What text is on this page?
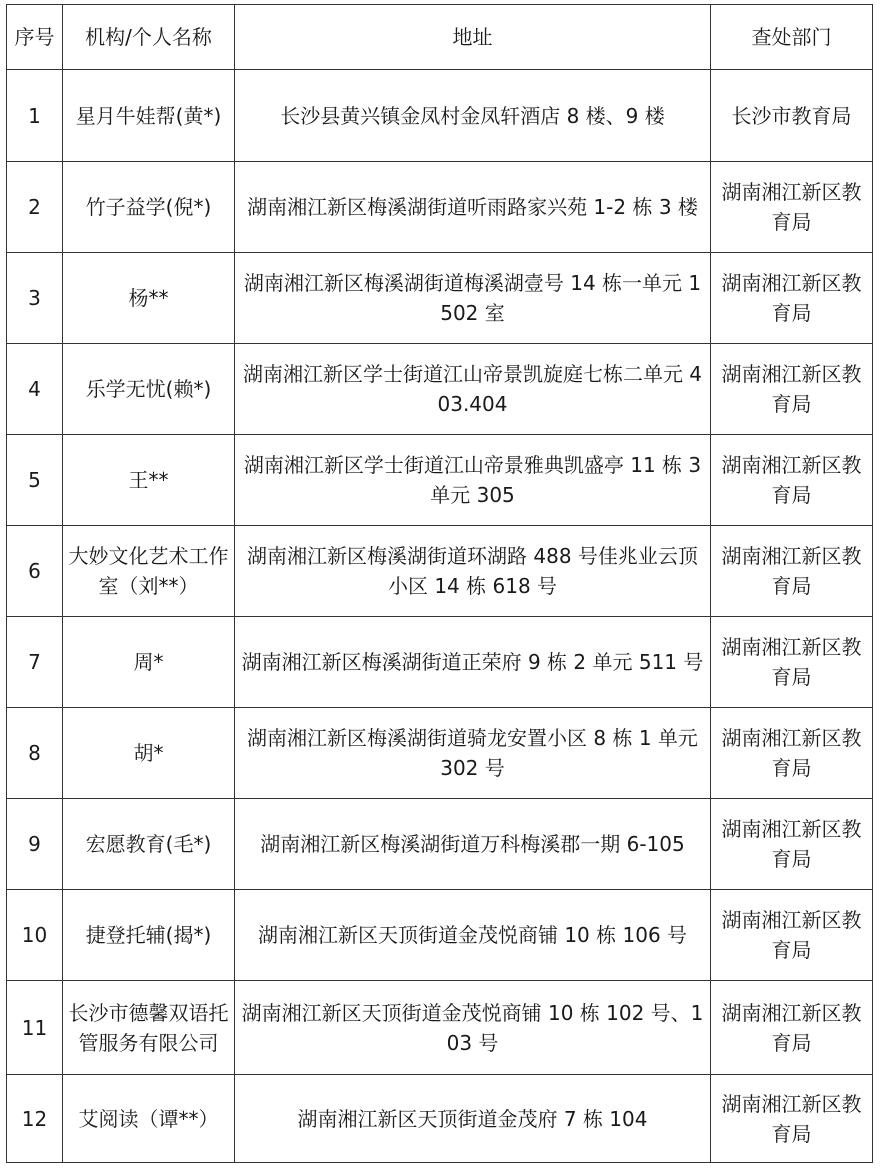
序号	机构/个人名称	地址	查处部门
1	星月牛娃帮(黄*)	长沙县黄兴镇金凤村金凤轩酒店 8 楼、9 楼	长沙市教育局
2	竹子益学(倪*)	湖南湘江新区梅溪湖街道听雨路家兴苑 1-2 栋 3 楼	湖南湘江新区教育局
3	杨**	湖南湘江新区梅溪湖街道梅溪湖壹号 14 栋一单元 1502 室	湖南湘江新区教育局
4	乐学无忧(赖*)	湖南湘江新区学士街道江山帝景凯旋庭七栋二单元 403.404	湖南湘江新区教育局
5	王**	湖南湘江新区学士街道江山帝景雅典凯盛亭 11 栋 3 单元 305	湖南湘江新区教育局
6	大妙文化艺术工作室（刘**）	湖南湘江新区梅溪湖街道环湖路 488 号佳兆业云顶小区 14 栋 618 号	湖南湘江新区教育局
7	周*	湖南湘江新区梅溪湖街道正荣府 9 栋 2 单元 511 号	湖南湘江新区教育局
8	胡*	湖南湘江新区梅溪湖街道骑龙安置小区 8 栋 1 单元 302 号	湖南湘江新区教育局
9	宏愿教育(毛*)	湖南湘江新区梅溪湖街道万科梅溪郡一期 6-105	湖南湘江新区教育局
10	捷登托辅(揭*)	湖南湘江新区天顶街道金茂悦商铺 10 栋 106 号	湖南湘江新区教育局
11	长沙市德馨双语托管服务有限公司	湖南湘江新区天顶街道金茂悦商铺 10 栋 102 号、103 号	湖南湘江新区教育局
12	艾阅读（谭**）	湖南湘江新区天顶街道金茂府 7 栋 104	湖南湘江新区教育局
